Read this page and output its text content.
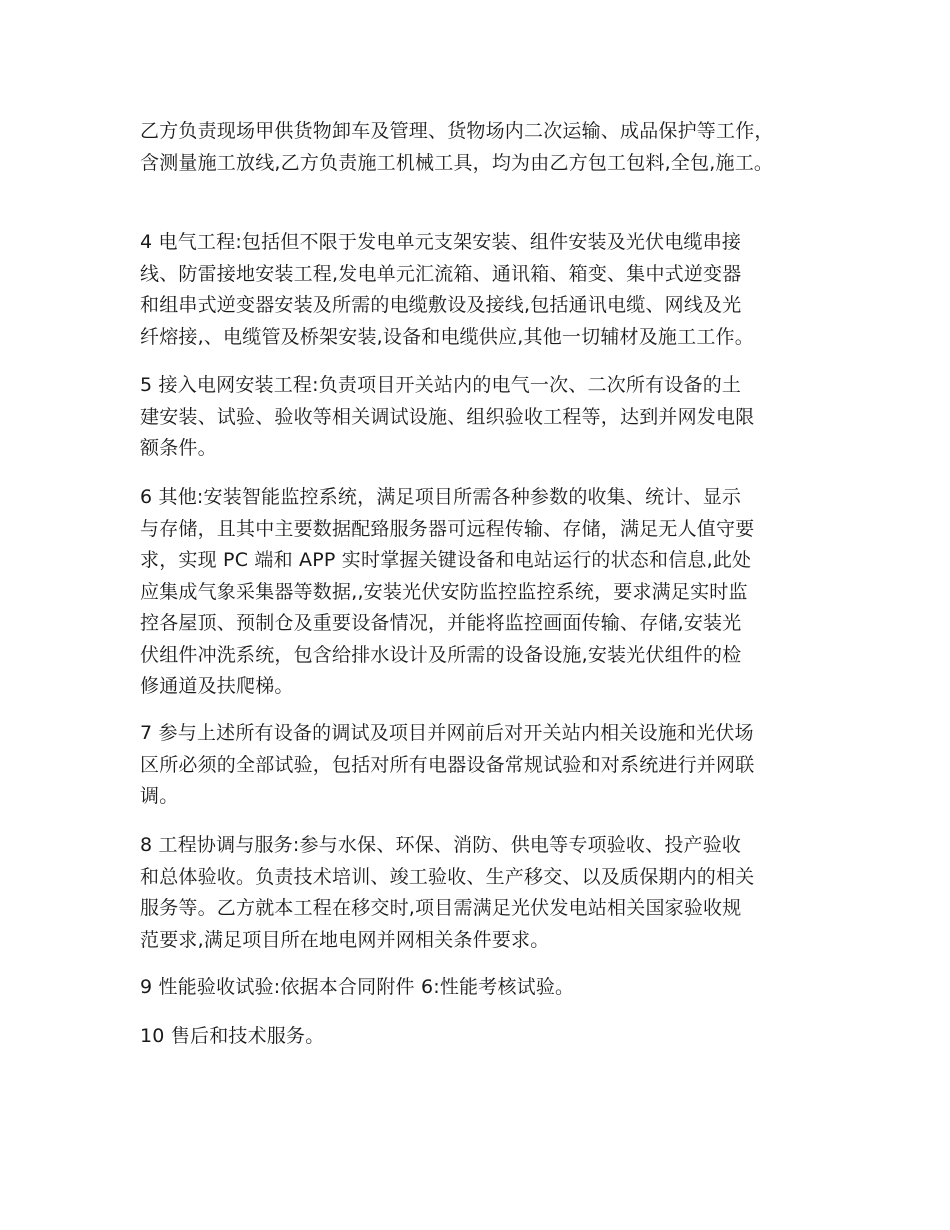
乙方负责现场甲供货物卸车及管理、货物场内二次运输、成品保护等工作，
含测量施工放线,乙方负责施工机械工具，均为由乙方包工包料,全包,施工。

4 电气工程:包括但不限于发电单元支架安装、组件安装及光伏电缆串接
线、防雷接地安装工程,发电单元汇流箱、通讯箱、箱变、集中式逆变器
和组串式逆变器安装及所需的电缆敷设及接线,包括通讯电缆、网线及光
纤熔接,、电缆管及桥架安装,设备和电缆供应,其他一切辅材及施工工作。

5 接入电网安装工程:负责项目开关站内的电气一次、二次所有设备的土
建安装、试验、验收等相关调试设施、组织验收工程等，达到并网发电限
额条件。

6 其他:安装智能监控系统，满足项目所需各种参数的收集、统计、显示
与存储，且其中主要数据配臵服务器可远程传输、存储，满足无人值守要
求，实现 PC 端和 APP 实时掌握关键设备和电站运行的状态和信息,此处
应集成气象采集器等数据,,安装光伏安防监控监控系统，要求满足实时监
控各屋顶、预制仓及重要设备情况，并能将监控画面传输、存储,安装光
伏组件冲洗系统，包含给排水设计及所需的设备设施,安装光伏组件的检
修通道及扶爬梯。

7 参与上述所有设备的调试及项目并网前后对开关站内相关设施和光伏场
区所必须的全部试验，包括对所有电器设备常规试验和对系统进行并网联
调。

8 工程协调与服务:参与水保、环保、消防、供电等专项验收、投产验收
和总体验收。负责技术培训、竣工验收、生产移交、以及质保期内的相关
服务等。乙方就本工程在移交时,项目需满足光伏发电站相关国家验收规
范要求,满足项目所在地电网并网相关条件要求。

9 性能验收试验:依据本合同附件 6:性能考核试验。

10 售后和技术服务。
